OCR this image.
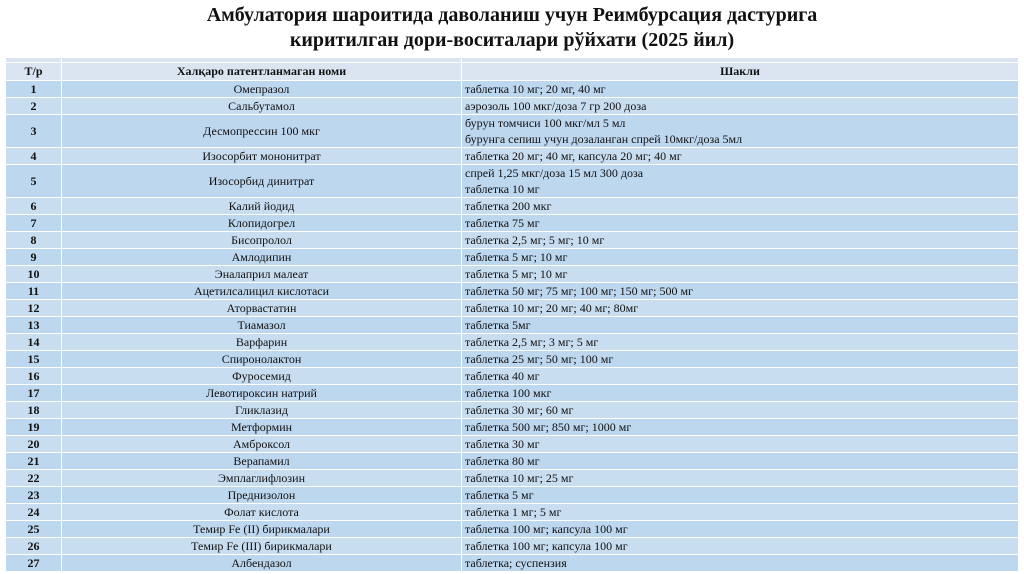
Амбулатория шароитида даволаниш учун Реимбурсация дастурига
киритилган дори-воситалари рўйхати (2025 йил)

Т/р	Халқаро патентланмаган номи	Шакли
1	Омепразол	таблетка 10 мг; 20 мг, 40 мг

2	Сальбутамол	аэрозоль 100 мкг/доза 7 гр 200 доза

3	Десмопрессин 100 мкг	бурун томчиси 100 мкг/мл 5 мл
бурунга сепиш учун дозаланган спрей 10мкг/доза 5мл

4	Изосорбит мононитрат	таблетка 20 мг; 40 мг, капсула 20 мг; 40 мг

5	Изосорбид динитрат	спрей 1,25 мкг/доза 15 мл 300 доза
таблетка 10 мг

6	Калий йодид	таблетка 200 мкг

7	Клопидогрел	таблетка 75 мг

8	Бисопролол	таблетка 2,5 мг; 5 мг; 10 мг

9	Амлодипин	таблетка 5 мг; 10 мг

10	Эналаприл малеат	таблетка 5 мг; 10 мг

11	Ацетилсалицил кислотаси	таблетка 50 мг; 75 мг; 100 мг; 150 мг; 500 мг

12	Аторвастатин	таблетка 10 мг; 20 мг; 40 мг; 80мг

13	Тиамазол	таблетка 5мг

14	Варфарин	таблетка 2,5 мг; 3 мг; 5 мг

15	Спиронолактон	таблетка 25 мг; 50 мг; 100 мг

16	Фуросемид	таблетка 40 мг

17	Левотироксин натрий	таблетка 100 мкг

18	Гликлазид	таблетка 30 мг; 60 мг

19	Метформин	таблетка 500 мг; 850 мг; 1000 мг

20	Амброксол	таблетка 30 мг

21	Верапамил	таблетка 80 мг

22	Эмплаглифлозин	таблетка 10 мг; 25 мг

23	Преднизолон	таблетка 5 мг

24	Фолат кислота	таблетка 1 мг; 5 мг

25	Темир Fe (II) бирикмалари	таблетка 100 мг; капсула 100 мг

26	Темир Fe (III) бирикмалари	таблетка 100 мг; капсула 100 мг

27	Албендазол	таблетка; суспензия
